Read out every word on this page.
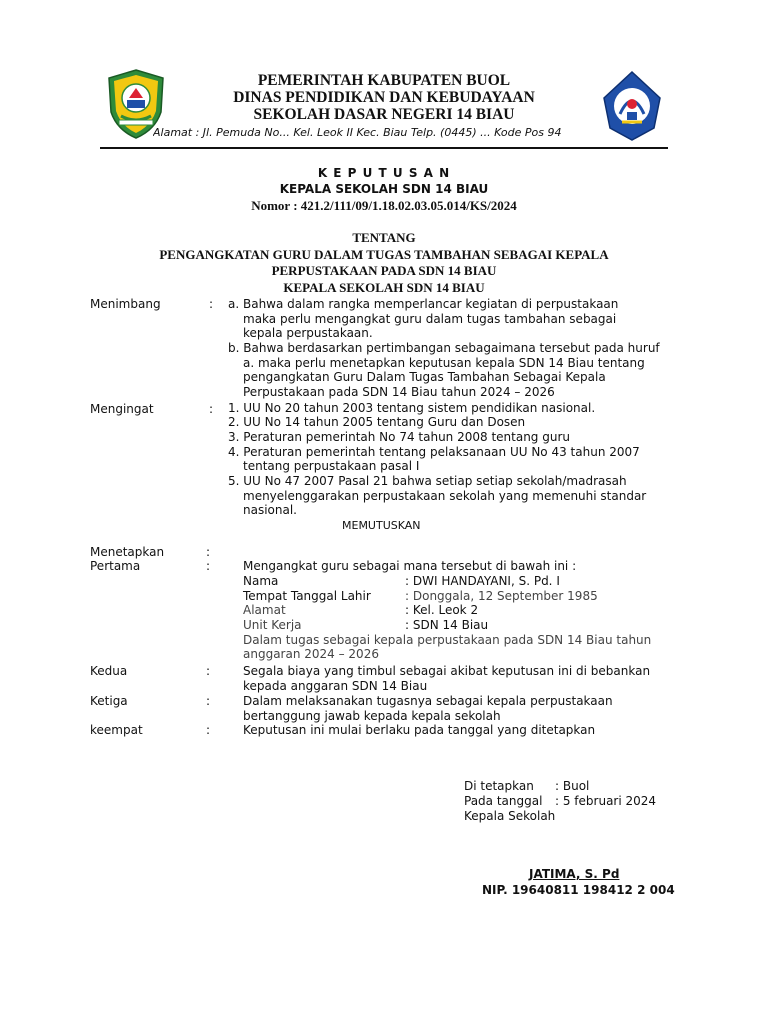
PEMERINTAH KABUPATEN BUOL
DINAS PENDIDIKAN DAN KEBUDAYAAN
SEKOLAH DASAR NEGERI 14 BIAU
Alamat : Jl. Pemuda No... Kel. Leok II Kec. Biau Telp. (0445) ... Kode Pos 94
K E P U T U S A N
KEPALA SEKOLAH SDN 14 BIAU
Nomor : 421.2/111/09/1.18.02.03.05.014/KS/2024
TENTANG
PENGANGKATAN GURU DALAM TUGAS TAMBAHAN SEBAGAI KEPALA
PERPUSTAKAAN PADA SDN 14 BIAU
KEPALA SEKOLAH SDN 14 BIAU
Menimbang	: a. Bahwa dalam rangka memperlancar kegiatan di perpustakaan
maka perlu mengangkat guru dalam tugas tambahan sebagai
kepala perpustakaan.
b. Bahwa berdasarkan pertimbangan sebagaimana tersebut pada huruf
a. maka perlu menetapkan keputusan kepala SDN 14 Biau tentang
pengangkatan Guru Dalam Tugas Tambahan Sebagai Kepala
Perpustakaan pada SDN 14 Biau tahun 2024 – 2026
Mengingat	: 1. UU No 20 tahun 2003 tentang sistem pendidikan nasional.
2. UU No 14 tahun 2005 tentang Guru dan Dosen
3. Peraturan pemerintah No 74 tahun 2008 tentang guru
4. Peraturan pemerintah tentang pelaksanaan UU No 43 tahun 2007
tentang perpustakaan pasal I
5. UU No 47 2007 Pasal 21 bahwa setiap setiap sekolah/madrasah
menyelenggarakan perpustakaan sekolah yang memenuhi standar
nasional.
MEMUTUSKAN
Menetapkan	:
Pertama	:	Mengangkat guru sebagai mana tersebut di bawah ini :
Nama	: DWI HANDAYANI, S. Pd. I
Tempat Tanggal Lahir	: Donggala, 12 September 1985
Alamat	: Kel. Leok 2
Unit Kerja	: SDN 14 Biau
Dalam tugas sebagai kepala perpustakaan pada SDN 14 Biau tahun
anggaran 2024 – 2026
Kedua	:	Segala biaya yang timbul sebagai akibat keputusan ini di bebankan
kepada anggaran SDN 14 Biau
Ketiga	:	Dalam melaksanakan tugasnya sebagai kepala perpustakaan
bertanggung jawab kepada kepala sekolah
keempat	:	Keputusan ini mulai berlaku pada tanggal yang ditetapkan
Di tetapkan : Buol
Pada tanggal : 5 februari 2024
Kepala Sekolah
JATIMA, S. Pd
NIP. 19640811 198412 2 004
